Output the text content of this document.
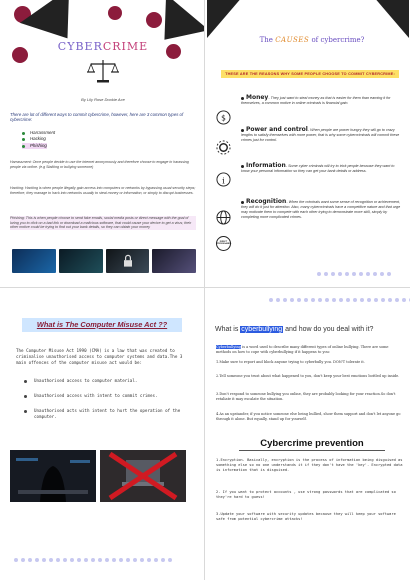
CYBERCRIME
By Lily Rose Dookie Ace
There are lot of different ways to commit cybercrime, however, here are 3 common types of cybercrime:
Harrassment
Hacking
Phishing
Harrassment: Once people decide to use the internet anonymously and therefore choose to engage in harassing people via online. (e.g Stalking or bullying someone)
Hacking: Hacking is when people illegally gain access into computers or networks by bypassing usual security steps; therefore, they manage to hack into networks usually to steal money or information, or simply to disrupt businesses.
Phishing: This is when people choose to send fake emails, social media posts or direct message with the goal of luring you to click on a bad link or download a malicious software, that could cause your device to get a virus; their other motive could be trying to find out your bank details, so they can obtain your money
The CAUSES of cybercrime?
THESE ARE THE REASONS WHY SOME PEOPLE CHOOSE TO COMMIT CYBERCRIME:
$
Money- They just want to steal money as that is easier for them than earning it for themselves, a common motive in online criminals is financial gain.
Power and control- When people are power hungry they will go to crazy lengths to satisfy themselves with more power, that is why some cybercriminals will commit these crimes just for control.
i
Information- Some cyber criminals will try to trick people because they want to know your personal information so they can get your bank details or address.
DIRECT PROPAGANDA
Recognition- When the criminals want some sense of recognition or achievement, they will do it just for attention. Also, many cybercriminals have a competitive nature and that urge may motivate them to compete with each other trying to demonstrate more skill, simply by completing more complicated crimes.
What is The Computer Misuse Act ??
The Computer Misuse Act 1990 (CMA) is a law that was created to criminalise unauthorised access to computer systems and data.The 3 main offences of the computer misuse act would be:
Unauthorised access to computer material.
Unauthorised access with intent to commit crimes.
Unauthorised acts with intent to hurt the operation of the computer.
What is cyberbullying and how do you deal with it?
Cyberbullying is a word used to describe many different types of online bullying. There are some methods on how to cope with cyberbullying if it happens to you:
1.Make sure to report and block anyone trying to cyberbully you. DON'T tolerate it.
2.Tell someone you trust about what happened to you, don't keep your best emotions bottled up inside.
3.Don't respond to someone bullying you online, they are probably looking for your reaction.So don't retaliate it may escalate the situation.
4.As an upstander, if you notice someone else being bullied, show them support and don't let anyone go through it alone. But equally, stand up for yourself.
Cybercrime prevention
1.Encryption. Basically, encryption is the process of information being disguised as something else so no one understands it if they don't have the 'key'. Encrypted data is information that is disguised.
2. If you want to protect accounts , use strong passwords that are complicated so they're hard to guess!
3.Update your software with security updates because they will keep your software safe from potential cybercrime attacks!
